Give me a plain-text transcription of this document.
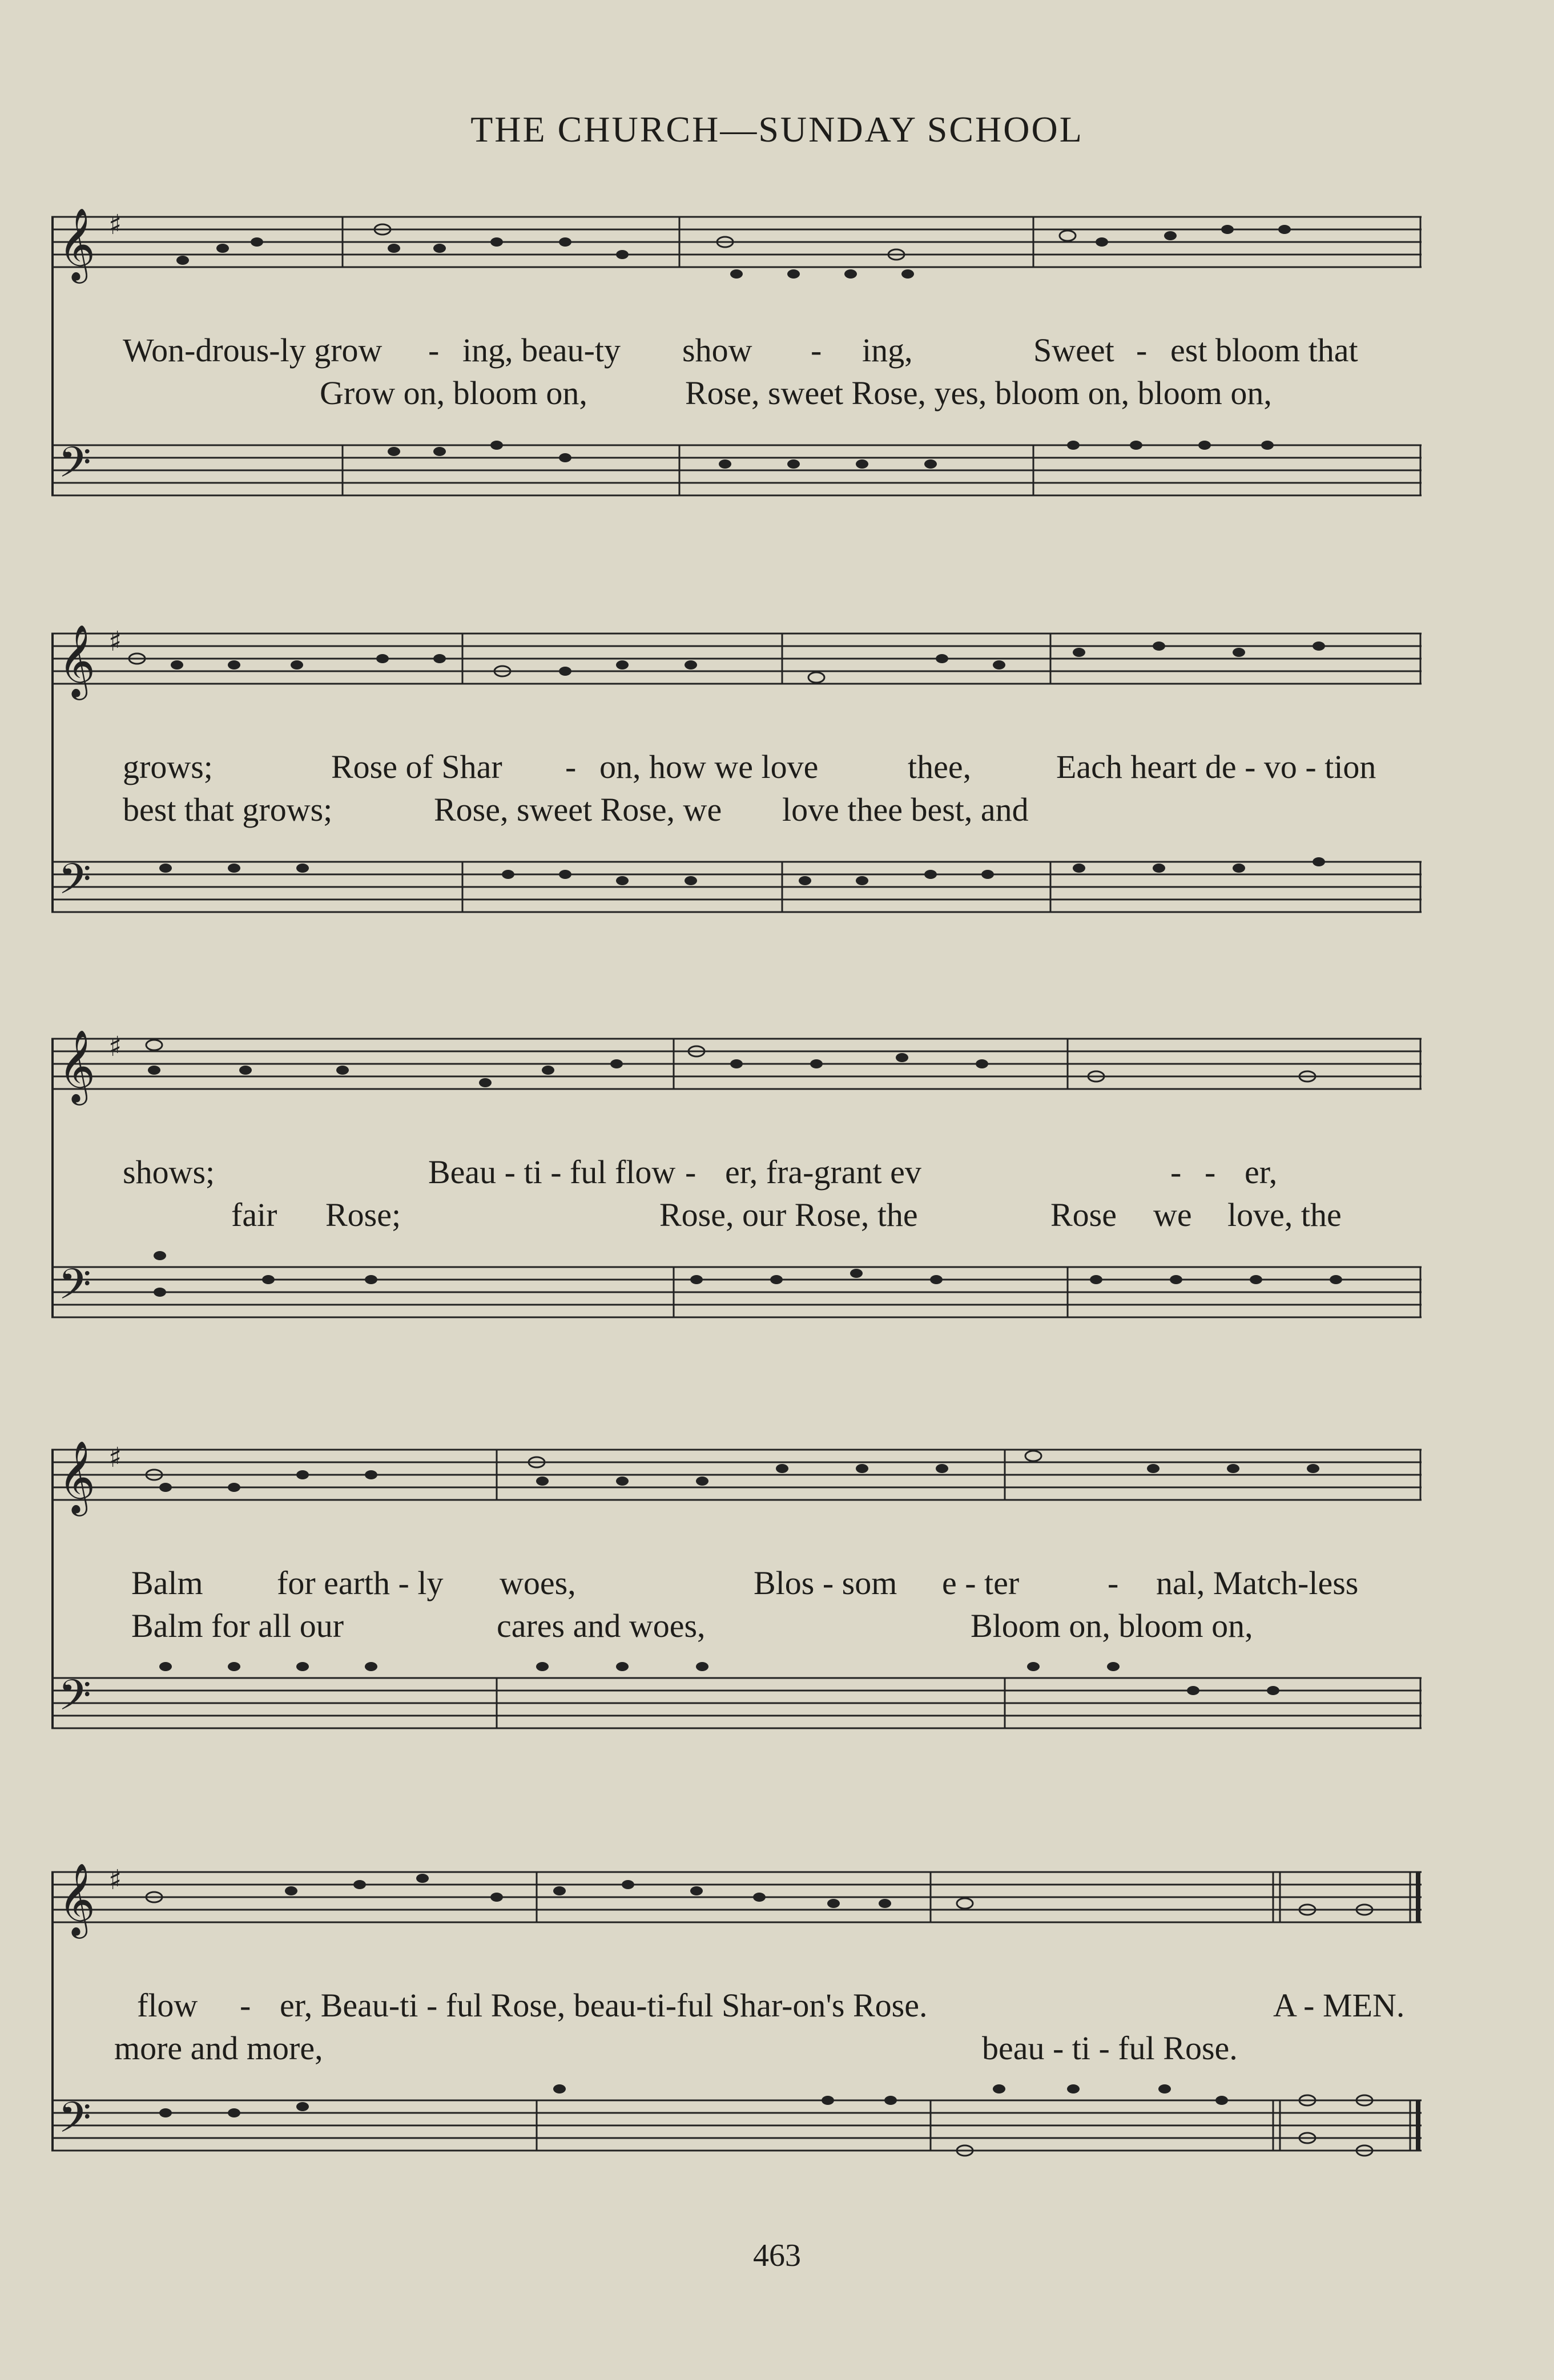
THE CHURCH—SUNDAY SCHOOL
𝄞 ♯
Won-drous-ly grow - ing, beau-ty show - ing,	Sweet - est bloom that
Grow on, bloom on,	Rose, sweet Rose, yes, bloom on, bloom on,
𝄢
𝄞 ♯
grows;	Rose of Shar - on, how we love	thee,	Each heart de - vo - tion
best that grows;	Rose, sweet Rose, we love thee best, and
𝄢
𝄞 ♯
shows;	Beau - ti - ful flow - er, fra-grant ev	- - er,
fair Rose;	Rose, our Rose, the	Rose we love, the
𝄢
𝄞 ♯
Balm for earth - ly woes,	Blos - som e - ter	- nal, Match-less
Balm for all our	cares and woes,	Bloom on, bloom on,
𝄢
𝄞 ♯
flow - er, Beau-ti - ful Rose, beau-ti-ful Shar-on's Rose.	A - MEN.
more and more,	beau - ti - ful Rose.
𝄢
463
